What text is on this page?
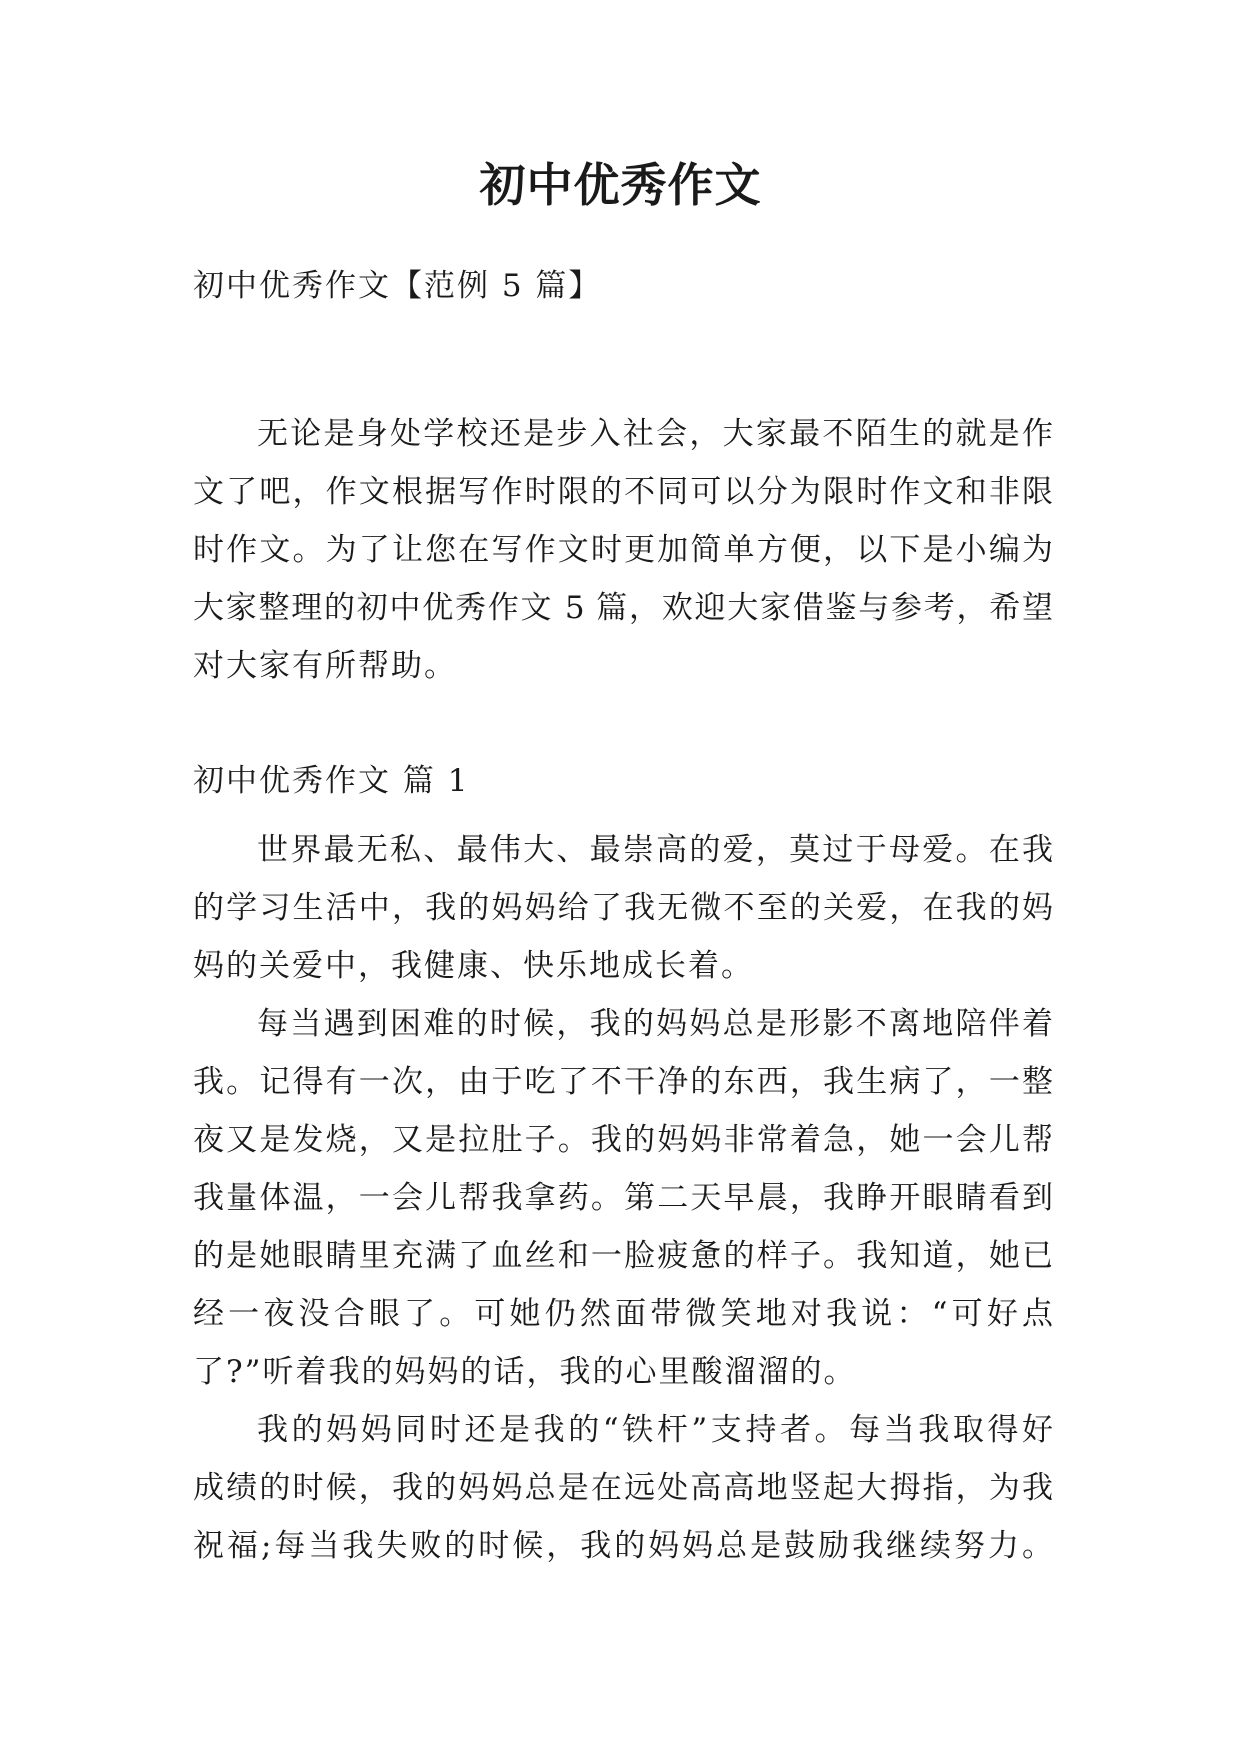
初中优秀作文
初中优秀作文【范例 5 篇】
无论是身处学校还是步入社会，大家最不陌生的就是作
文了吧，作文根据写作时限的不同可以分为限时作文和非限
时作文。为了让您在写作文时更加简单方便，以下是小编为
大家整理的初中优秀作文 5 篇，欢迎大家借鉴与参考，希望
对大家有所帮助。
初中优秀作文 篇 1
世界最无私、最伟大、最崇高的爱，莫过于母爱。在我
的学习生活中，我的妈妈给了我无微不至的关爱，在我的妈
妈的关爱中，我健康、快乐地成长着。
每当遇到困难的时候，我的妈妈总是形影不离地陪伴着
我。记得有一次，由于吃了不干净的东西，我生病了，一整
夜又是发烧，又是拉肚子。我的妈妈非常着急，她一会儿帮
我量体温，一会儿帮我拿药。第二天早晨，我睁开眼睛看到
的是她眼睛里充满了血丝和一脸疲惫的样子。我知道，她已
经一夜没合眼了。可她仍然面带微笑地对我说：“可好点
了?”听着我的妈妈的话，我的心里酸溜溜的。
我的妈妈同时还是我的“铁杆”支持者。每当我取得好
成绩的时候，我的妈妈总是在远处高高地竖起大拇指，为我
祝福;每当我失败的时候，我的妈妈总是鼓励我继续努力。
